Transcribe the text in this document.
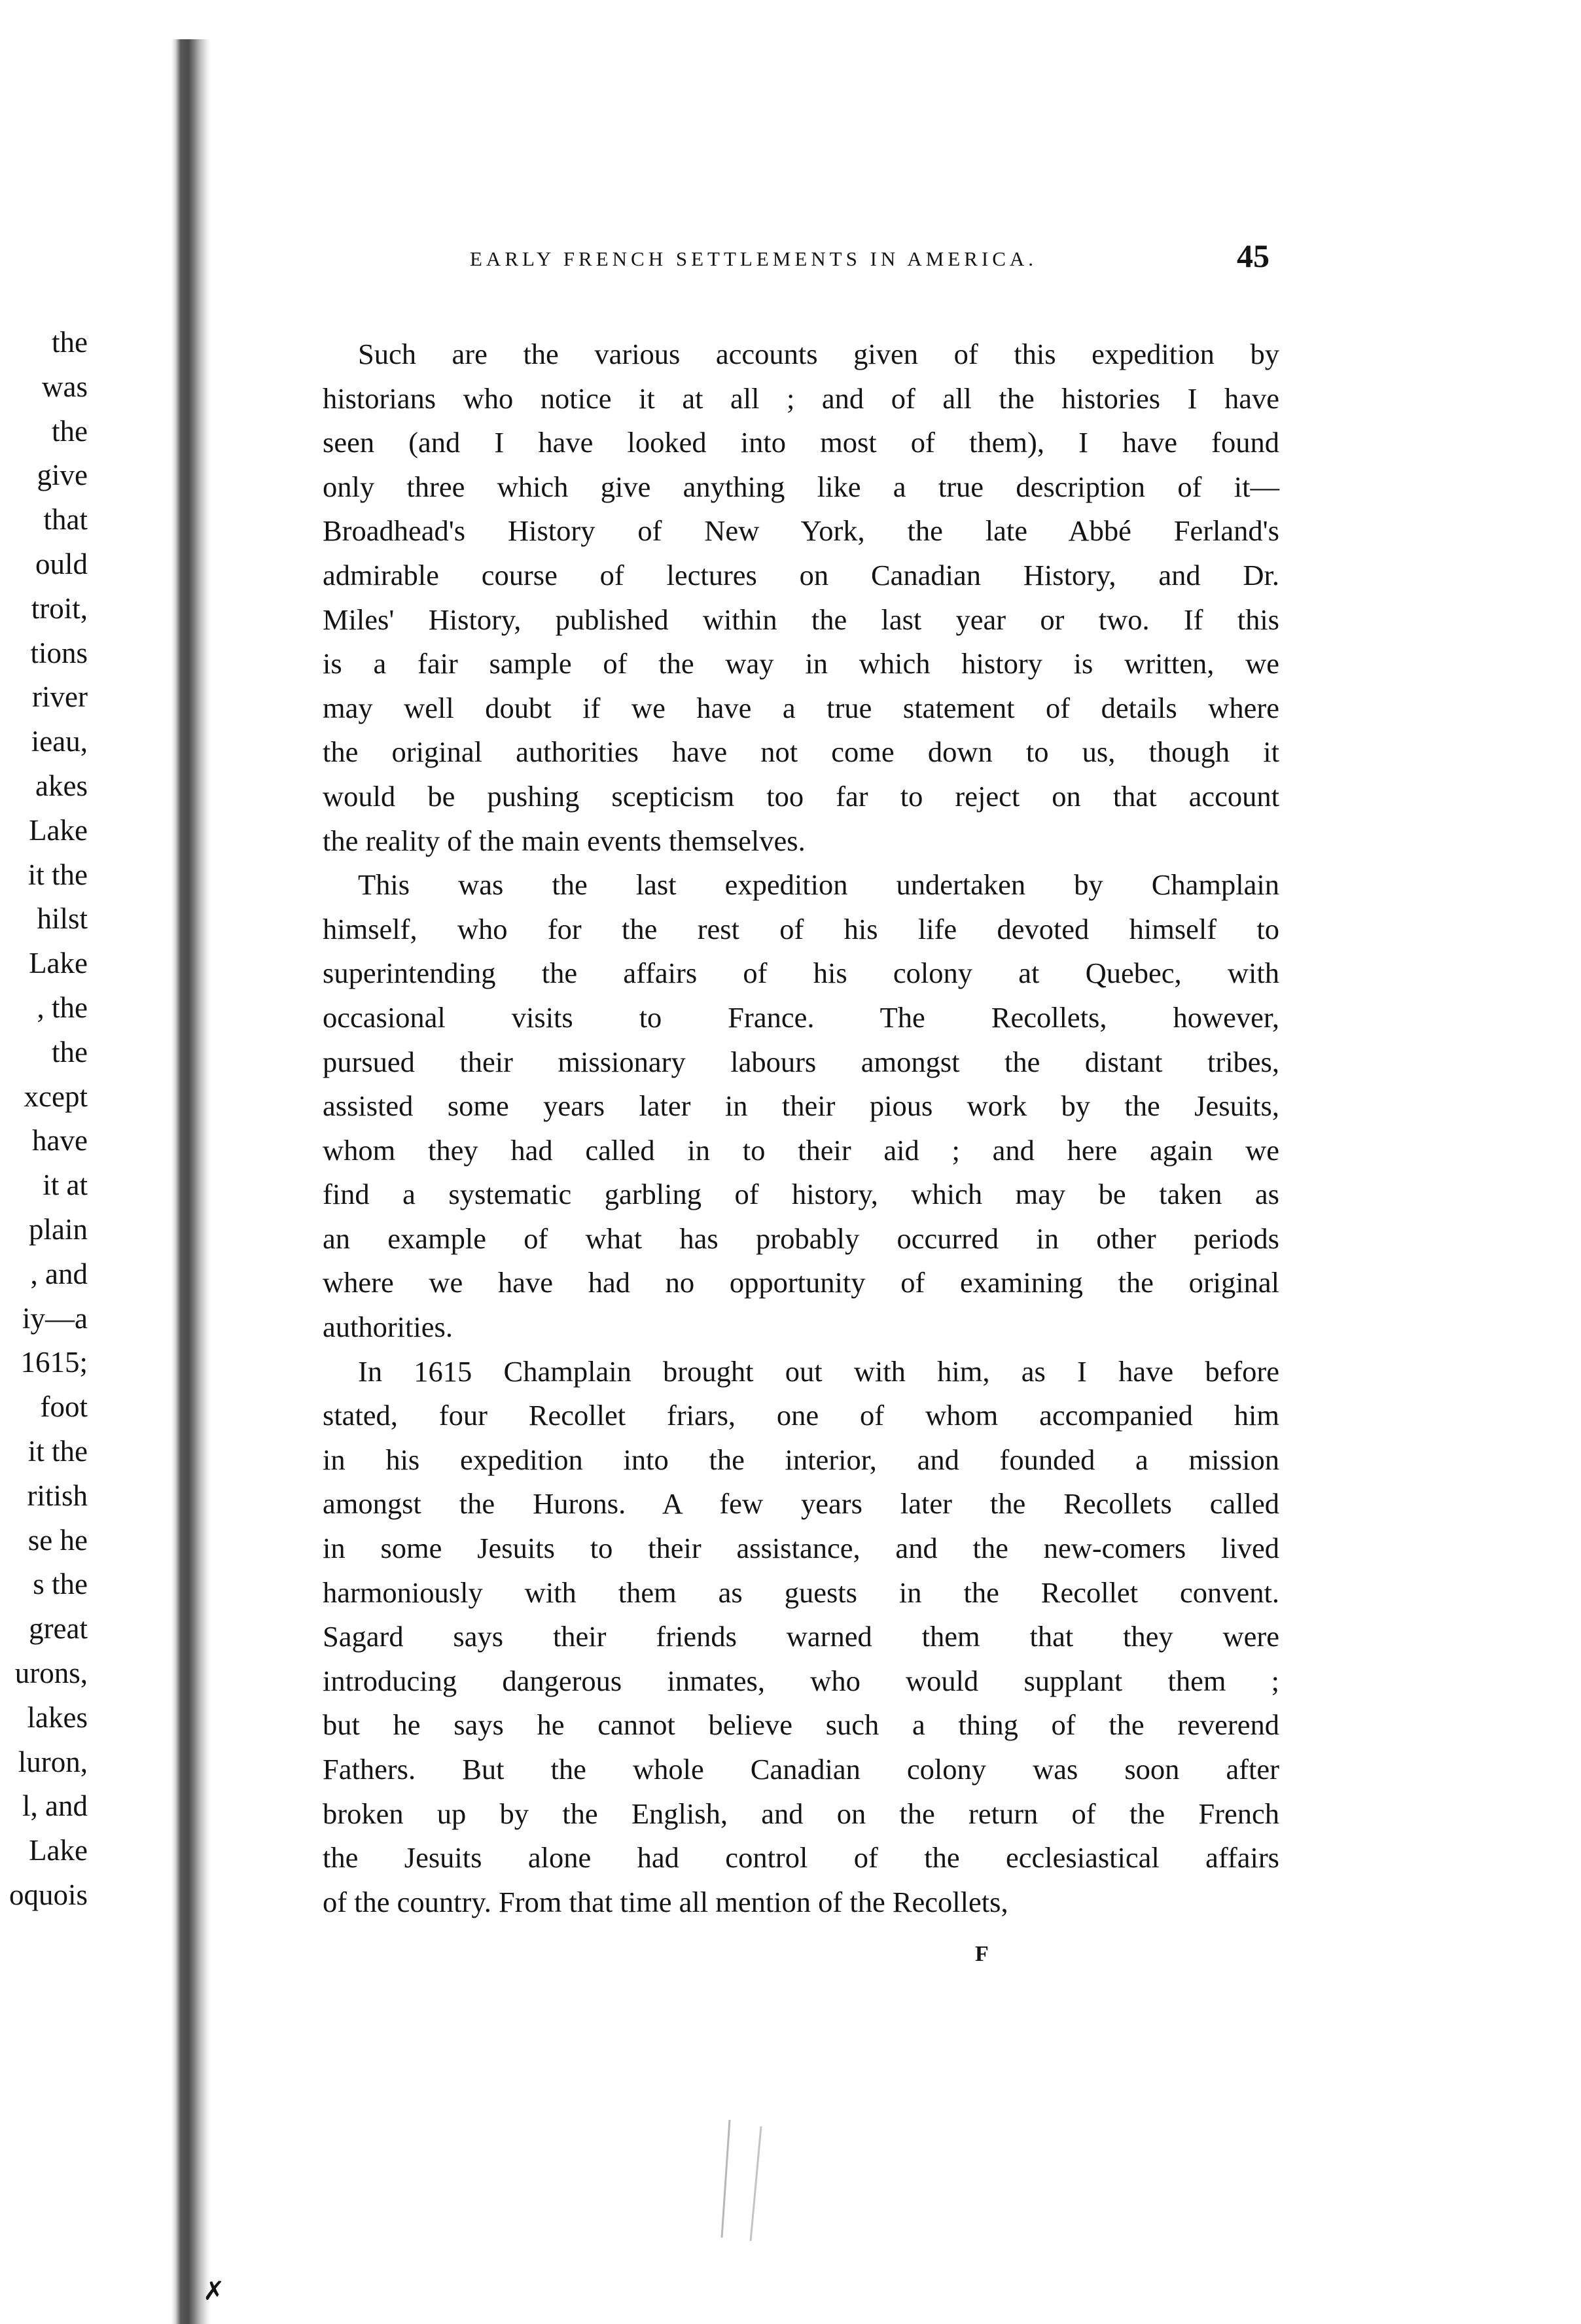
the
was
the
give
that
ould
troit,
tions
river
ieau,
akes
Lake
it the
hilst
Lake
, the
the
xcept
have
it at
plain
, and
iy—a
1615;
foot
it the
ritish
se he
s the
great
urons,
lakes
luron,
l, and
Lake
oquois
EARLY FRENCH SETTLEMENTS IN AMERICA.	45
Such are the various accounts given of this expedition by
historians who notice it at all ; and of all the histories I have
seen (and I have looked into most of them), I have found
only three which give anything like a true description of it—
Broadhead's History of New York, the late Abbé Ferland's
admirable course of lectures on Canadian History, and Dr.
Miles' History, published within the last year or two. If this
is a fair sample of the way in which history is written, we
may well doubt if we have a true statement of details where
the original authorities have not come down to us, though it
would be pushing scepticism too far to reject on that account
the reality of the main events themselves.
This was the last expedition undertaken by Champlain
himself, who for the rest of his life devoted himself to
superintending the affairs of his colony at Quebec, with
occasional visits to France. The Recollets, however,
pursued their missionary labours amongst the distant tribes,
assisted some years later in their pious work by the Jesuits,
whom they had called in to their aid ; and here again we
find a systematic garbling of history, which may be taken as
an example of what has probably occurred in other periods
where we have had no opportunity of examining the original
authorities.
In 1615 Champlain brought out with him, as I have before
stated, four Recollet friars, one of whom accompanied him
in his expedition into the interior, and founded a mission
amongst the Hurons. A few years later the Recollets called
in some Jesuits to their assistance, and the new-comers lived
harmoniously with them as guests in the Recollet convent.
Sagard says their friends warned them that they were
introducing dangerous inmates, who would supplant them ;
but he says he cannot believe such a thing of the reverend
Fathers. But the whole Canadian colony was soon after
broken up by the English, and on the return of the French
the Jesuits alone had control of the ecclesiastical affairs
of the country. From that time all mention of the Recollets,
F
✗
